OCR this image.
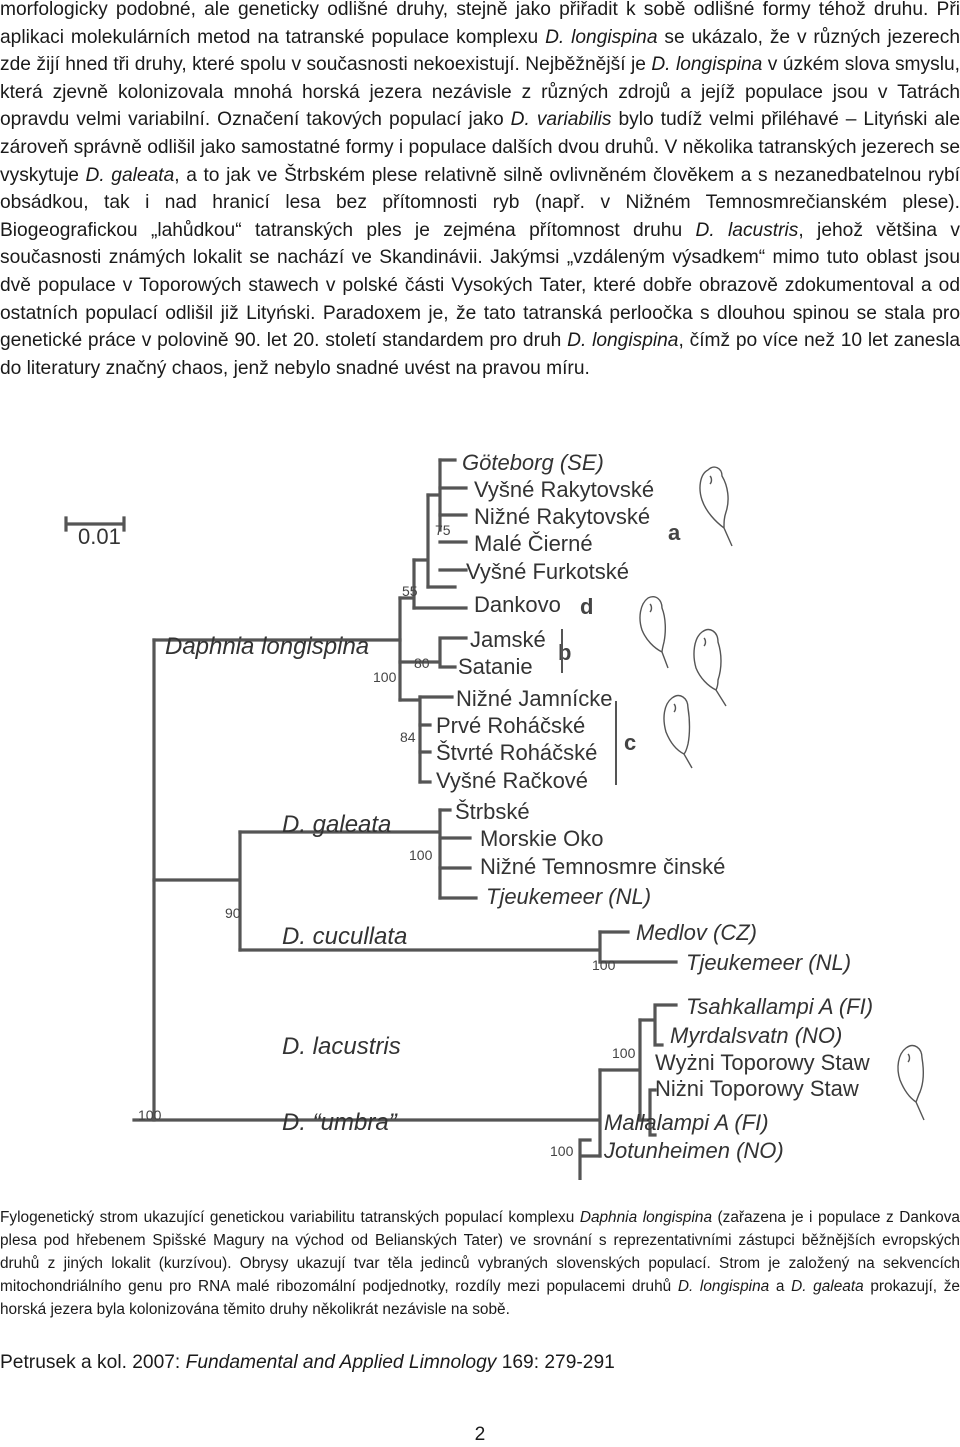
morfologicky podobné, ale geneticky odlišné druhy, stejně jako přiřadit k sobě odlišné formy téhož druhu. Při aplikaci molekulárních metod na tatranské populace komplexu D. longispina se ukázalo, že v různých jezerech zde žijí hned tři druhy, které spolu v současnosti nekoexistují. Nejběžnější je D. longispina v úzkém slova smyslu, která zjevně kolonizovala mnohá horská jezera nezávisle z různých zdrojů a jejíž populace jsou v Tatrách opravdu velmi variabilní. Označení takových populací jako D. variabilis bylo tudíž velmi přiléhavé – Lityński ale zároveň správně odlišil jako samostatné formy i populace dalších dvou druhů. V několika tatranských jezerech se vyskytuje D. galeata, a to jak ve Štrbském plese relativně silně ovlivněném člověkem a s nezanedbatelnou rybí obsádkou, tak i nad hranicí lesa bez přítomnosti ryb (např. v Nižném Temnosmrečianském plese). Biogeografickou „lahůdkou“ tatranských ples je zejména přítomnost druhu D. lacustris, jehož většina v současnosti známých lokalit se nachází ve Skandinávii. Jakýmsi „vzdáleným výsadkem“ mimo tuto oblast jsou dvě populace v Toporowých stawech v polské části Vysokých Tater, které dobře obrazově zdokumentoval a od ostatních populací odlišil již Lityński. Paradoxem je, že tato tatranská perloočka s dlouhou spinou se stala pro genetické práce v polovině 90. let 20. století standardem pro druh D. longispina, čímž po více než 10 let zanesla do literatury značný chaos, jenž nebylo snadné uvést na pravou míru.

0.01
Daphnia longispina
D. galeata
D. cucullata
D. lacustris
D. “umbra”
Göteborg (SE)
Vyšné Rakytovské
Nižné Rakytovské
Malé Čierné
Vyšné Furkotské
Dankovo
Jamské
Satanie
Nižné Jamnícke
Prvé Roháčské
Štvrté Roháčské
Vyšné Račkové
Štrbské
Morskie Oko
Nižné Temnosmre činské
Tjeukemeer (NL)
Medlov (CZ)
Tjeukemeer (NL)
Tsahkallampi A (FI)
Myrdalsvatn (NO)
Wyżni Toporowy Staw
Niżni Toporowy Staw
Mallalampi A (FI)
Jotunheimen (NO)
75
55
80
100
84
100
90
100
100
100
100
a
d
b
c

Fylogenetický strom ukazující genetickou variabilitu tatranských populací komplexu Daphnia longispina (zařazena je i populace z Dankova plesa pod hřebenem Spišské Magury na východ od Belianských Tater) ve srovnání s reprezentativními zástupci běžnějších evropských druhů z jiných lokalit (kurzívou). Obrysy ukazují tvar těla jedinců vybraných slovenských populací. Strom je založený na sekvencích mitochondriálního genu pro RNA malé ribozomální podjednotky, rozdíly mezi populacemi druhů D. longispina a D. galeata prokazují, že horská jezera byla kolonizována těmito druhy několikrát nezávisle na sobě.

Petrusek a kol. 2007: Fundamental and Applied Limnology 169: 279-291

2
